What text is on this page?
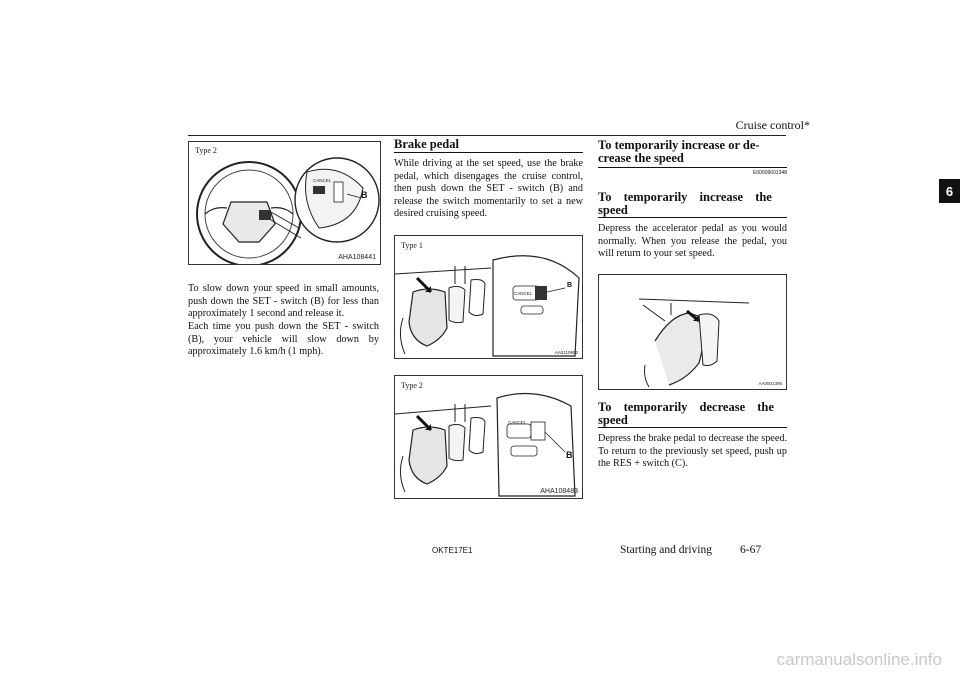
Cruise control*
6
Type 2
CANCEL
B
AHA108441
To slow down your speed in small amounts, push down the SET - switch (B) for less than approximately 1 second and release it.
Each time you push down the SET - switch (B), your vehicle will slow down by approximately 1.6 km/h (1 mph).
Brake pedal
While driving at the set speed, use the brake pedal, which disengages the cruise control, then push down the SET - switch (B) and release the switch momentarily to set a new desired cruising speed.
Type 1
CANCEL
B
AA0110653
Type 2
CANCEL
B
AHA108483
To temporarily increase or de-
crease the speed
E00609601348
To temporarily increase the
speed
Depress the accelerator pedal as you would normally. When you release the pedal, you will return to your set speed.
AA0001395
To temporarily decrease the
speed
Depress the brake pedal to decrease the speed. To return to the previously set speed, push up the RES + switch (C).
OKTE17E1	Starting and driving 6-67
carmanualsonline.info
